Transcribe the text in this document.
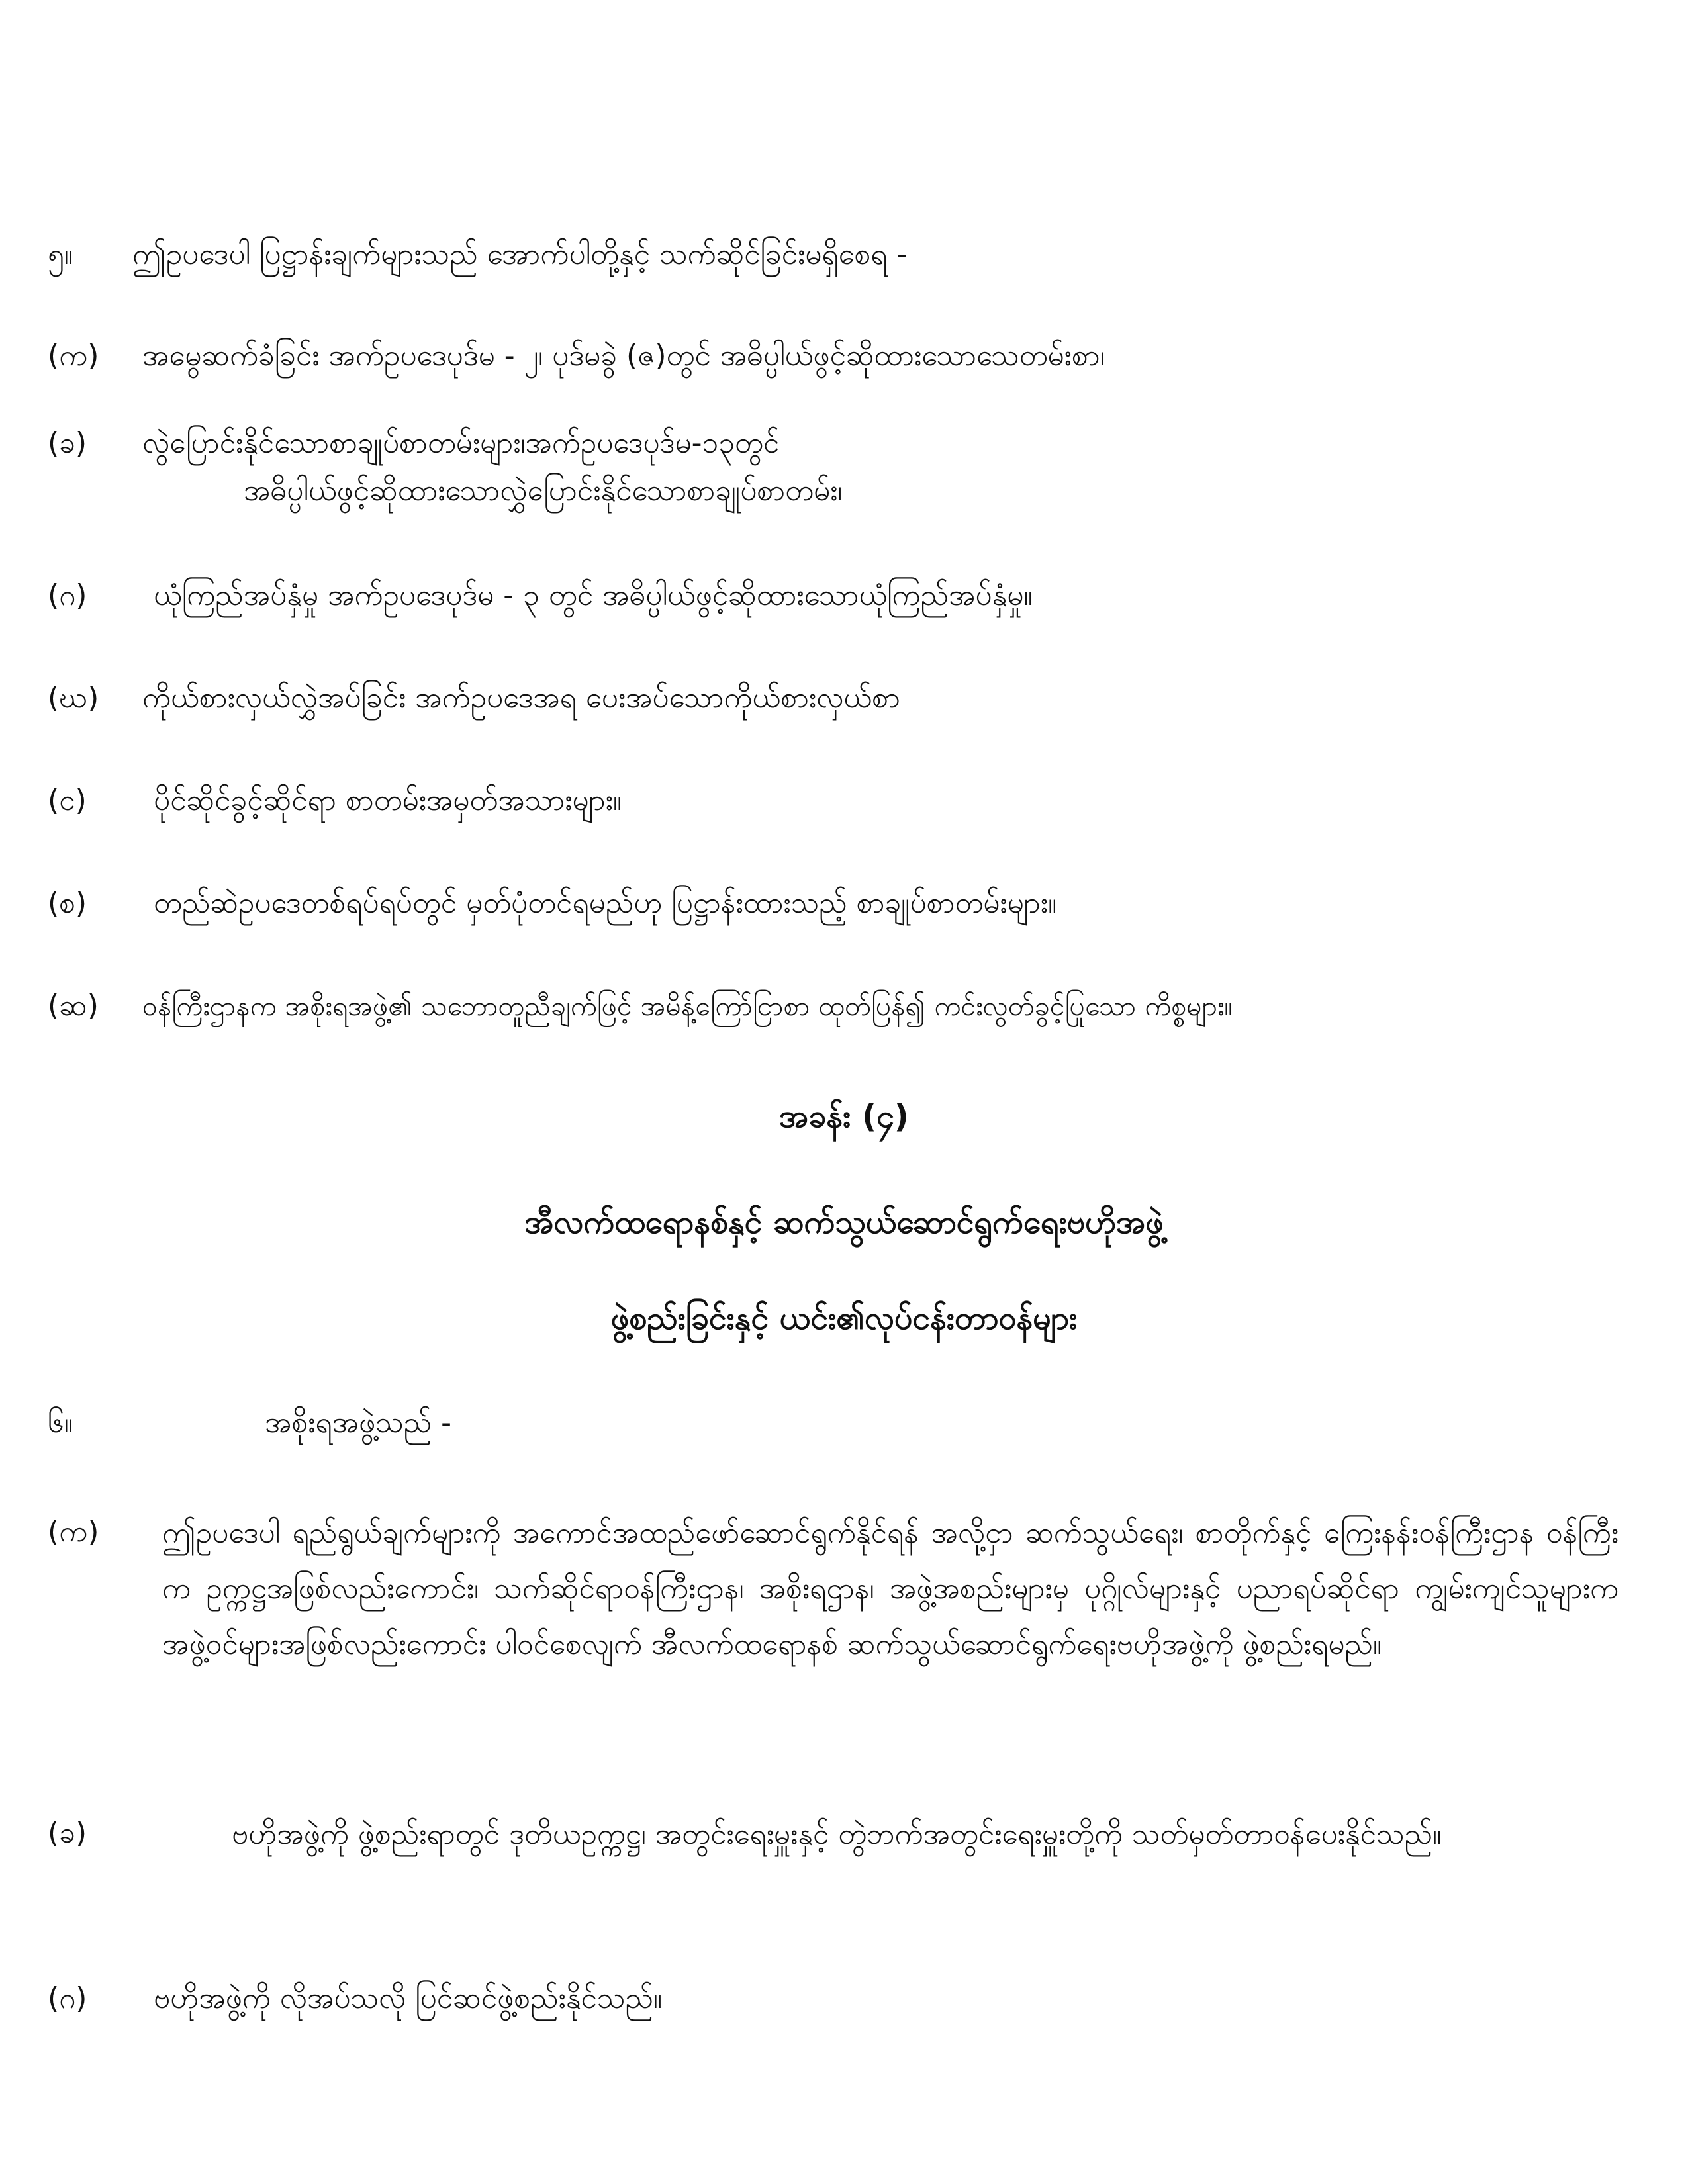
၅။ ဤဥပဒေပါ ပြဋ္ဌာန်းချက်များသည် အောက်ပါတို့နှင့် သက်ဆိုင်ခြင်းမရှိစေရ -
(က) အမွေဆက်ခံခြင်း အက်ဥပဒေပုဒ်မ - ၂၊ ပုဒ်မခွဲ (ဇ)တွင် အဓိပ္ပါယ်ဖွင့်ဆိုထားသောသေတမ်းစာ၊
(ခ) လွဲပြောင်းနိုင်သောစာချုပ်စာတမ်းများ၊အက်ဥပဒေပုဒ်မ-၁၃တွင်
အဓိပ္ပါယ်ဖွင့်ဆိုထားသောလွှဲပြောင်းနိုင်သောစာချုပ်စာတမ်း၊
(ဂ) ယုံကြည်အပ်နှံမှု အက်ဥပဒေပုဒ်မ - ၃ တွင် အဓိပ္ပါယ်ဖွင့်ဆိုထားသောယုံကြည်အပ်နှံမှု။
(ဃ) ကိုယ်စားလှယ်လွှဲအပ်ခြင်း အက်ဥပဒေအရ ပေးအပ်သောကိုယ်စားလှယ်စာ
(င) ပိုင်ဆိုင်ခွင့်ဆိုင်ရာ စာတမ်းအမှတ်အသားများ။
(စ) တည်ဆဲဥပဒေတစ်ရပ်ရပ်တွင် မှတ်ပုံတင်ရမည်ဟု ပြဋ္ဌာန်းထားသည့် စာချုပ်စာတမ်းများ။
(ဆ) ဝန်ကြီးဌာနက အစိုးရအဖွဲ့၏ သဘောတူညီချက်ဖြင့် အမိန့်ကြော်ငြာစာ ထုတ်ပြန်၍ ကင်းလွတ်ခွင့်ပြုသော ကိစ္စများ။
အခန်း (၄)
အီလက်ထရောနစ်နှင့် ဆက်သွယ်ဆောင်ရွက်ရေးဗဟိုအဖွဲ့
ဖွဲ့စည်းခြင်းနှင့် ယင်း၏လုပ်ငန်းတာဝန်များ
၆။	အစိုးရအဖွဲ့သည် -
(က) ဤဥပဒေပါ ရည်ရွယ်ချက်များကို အကောင်အထည်ဖော်ဆောင်ရွက်နိုင်ရန် အလို့ငှာ ဆက်သွယ်ရေး၊ စာတိုက်နှင့် ကြေးနန်းဝန်ကြီးဌာန ဝန်ကြီးက ဥက္ကဋ္ဌအဖြစ်လည်းကောင်း၊ သက်ဆိုင်ရာဝန်ကြီးဌာန၊ အစိုးရဌာန၊ အဖွဲ့အစည်းများမှ ပုဂ္ဂိုလ်များနှင့် ပညာရပ်ဆိုင်ရာ ကျွမ်းကျင်သူများက အဖွဲ့ဝင်များအဖြစ်လည်းကောင်း ပါဝင်စေလျက် အီလက်ထရောနစ် ဆက်သွယ်ဆောင်ရွက်ရေးဗဟိုအဖွဲ့ကို ဖွဲ့စည်းရမည်။
(ခ)	ဗဟိုအဖွဲ့ကို ဖွဲ့စည်းရာတွင် ဒုတိယဥက္ကဋ္ဌ၊ အတွင်းရေးမှူးနှင့် တွဲဘက်အတွင်းရေးမှူးတို့ကို သတ်မှတ်တာဝန်ပေးနိုင်သည်။
(ဂ) ဗဟိုအဖွဲ့ကို လိုအပ်သလို ပြင်ဆင်ဖွဲ့စည်းနိုင်သည်။
